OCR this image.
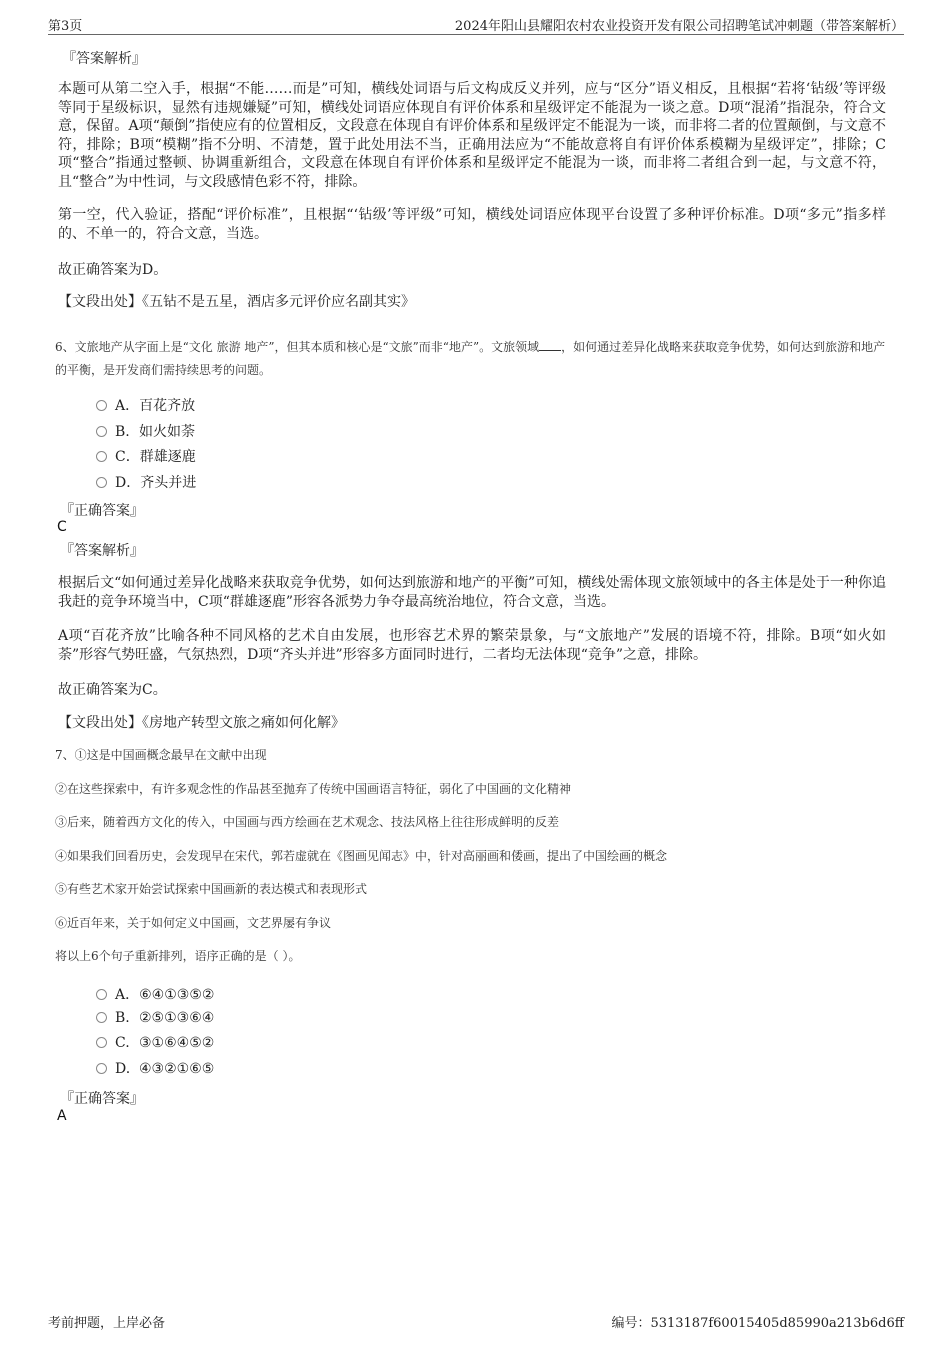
第3页	2024年阳山县耀阳农村农业投资开发有限公司招聘笔试冲刺题（带答案解析）
『答案解析』
本题可从第二空入手，根据“不能……而是”可知，横线处词语与后文构成反义并列，应与“区分”语义相反，且根据“若将‘钻级’等评级等同于星级标识，显然有违规嫌疑”可知，横线处词语应体现自有评价体系和星级评定不能混为一谈之意。D项“混淆”指混杂，符合文意，保留。A项“颠倒”指使应有的位置相反，文段意在体现自有评价体系和星级评定不能混为一谈，而非将二者的位置颠倒，与文意不符，排除；B项“模糊”指不分明、不清楚，置于此处用法不当，正确用法应为“不能故意将自有评价体系模糊为星级评定”，排除；C项“整合”指通过整顿、协调重新组合，文段意在体现自有评价体系和星级评定不能混为一谈，而非将二者组合到一起，与文意不符，且“整合”为中性词，与文段感情色彩不符，排除。
第一空，代入验证，搭配“评价标准”，且根据“‘钻级’等评级”可知，横线处词语应体现平台设置了多种评价标准。D项“多元”指多样的、不单一的，符合文意，当选。
故正确答案为D。
【文段出处】《五钻不是五星，酒店多元评价应名副其实》
6、文旅地产从字面上是“文化 旅游 地产”，但其本质和核心是“文旅”而非“地产”。文旅领域 ，如何通过差异化战略来获取竞争优势，如何达到旅游和地产的平衡，是开发商们需持续思考的问题。
A．百花齐放
B. 如火如荼
C．群雄逐鹿
D．齐头并进
『正确答案』
C
『答案解析』
根据后文“如何通过差异化战略来获取竞争优势，如何达到旅游和地产的平衡”可知，横线处需体现文旅领域中的各主体是处于一种你追我赶的竞争环境当中，C项“群雄逐鹿”形容各派势力争夺最高统治地位，符合文意，当选。
A项“百花齐放”比喻各种不同风格的艺术自由发展，也形容艺术界的繁荣景象，与“文旅地产”发展的语境不符，排除。B项“如火如荼”形容气势旺盛，气氛热烈，D项“齐头并进”形容多方面同时进行，二者均无法体现“竞争”之意，排除。
故正确答案为C。
【文段出处】《房地产转型文旅之痛如何化解》
7、①这是中国画概念最早在文献中出现
②在这些探索中，有许多观念性的作品甚至抛弃了传统中国画语言特征，弱化了中国画的文化精神
③后来，随着西方文化的传入，中国画与西方绘画在艺术观念、技法风格上往往形成鲜明的反差
④如果我们回看历史，会发现早在宋代，郭若虚就在《图画见闻志》中，针对高丽画和倭画，提出了中国绘画的概念
⑤有些艺术家开始尝试探索中国画新的表达模式和表现形式
⑥近百年来，关于如何定义中国画，文艺界屡有争议
将以上6个句子重新排列，语序正确的是（ ）。
A．⑥④①③⑤②
B. ②⑤①③⑥④
C. ③①⑥④⑤②
D. ④③②①⑥⑤
『正确答案』
A
考前押题，上岸必备	编号：5313187f60015405d85990a213b6d6ff
